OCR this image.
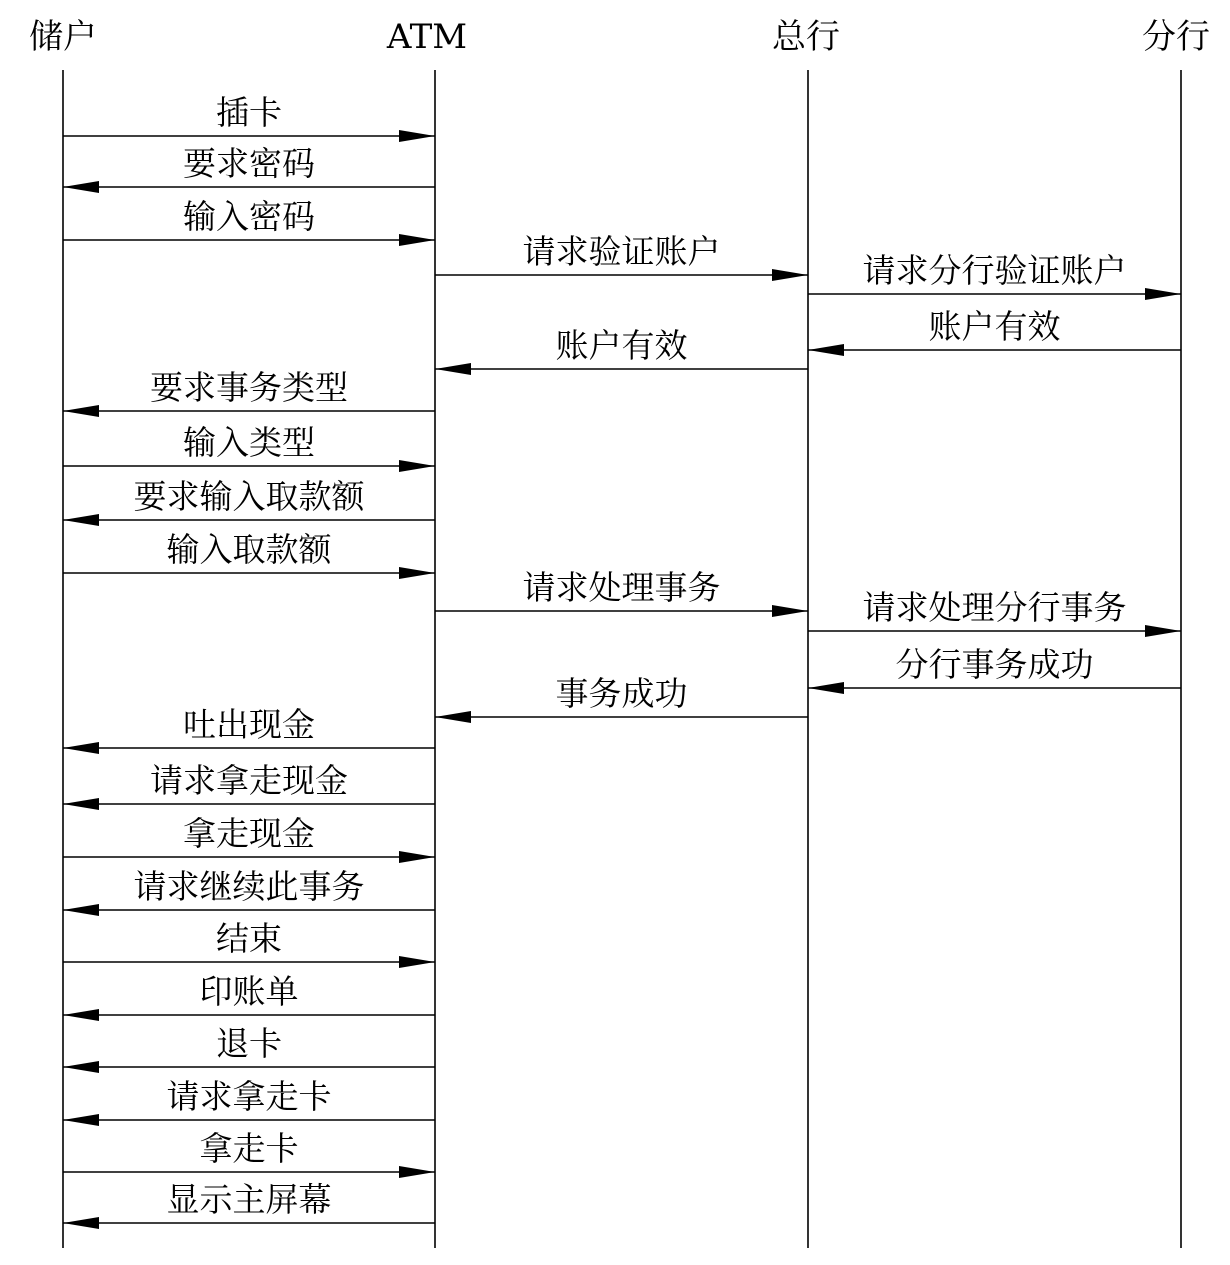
储户	ATM	总行	分行
插卡
要求密码
输入密码
请求验证账户	请求分行验证账户
账户有效
账户有效
要求事务类型
输入类型
要求输入取款额
输入取款额
请求处理事务
请求处理分行事务
分行事务成功
事务成功
吐出现金
请求拿走现金
拿走现金
请求继续此事务
结束
印账单
退卡
请求拿走卡
拿走卡
显示主屏幕
